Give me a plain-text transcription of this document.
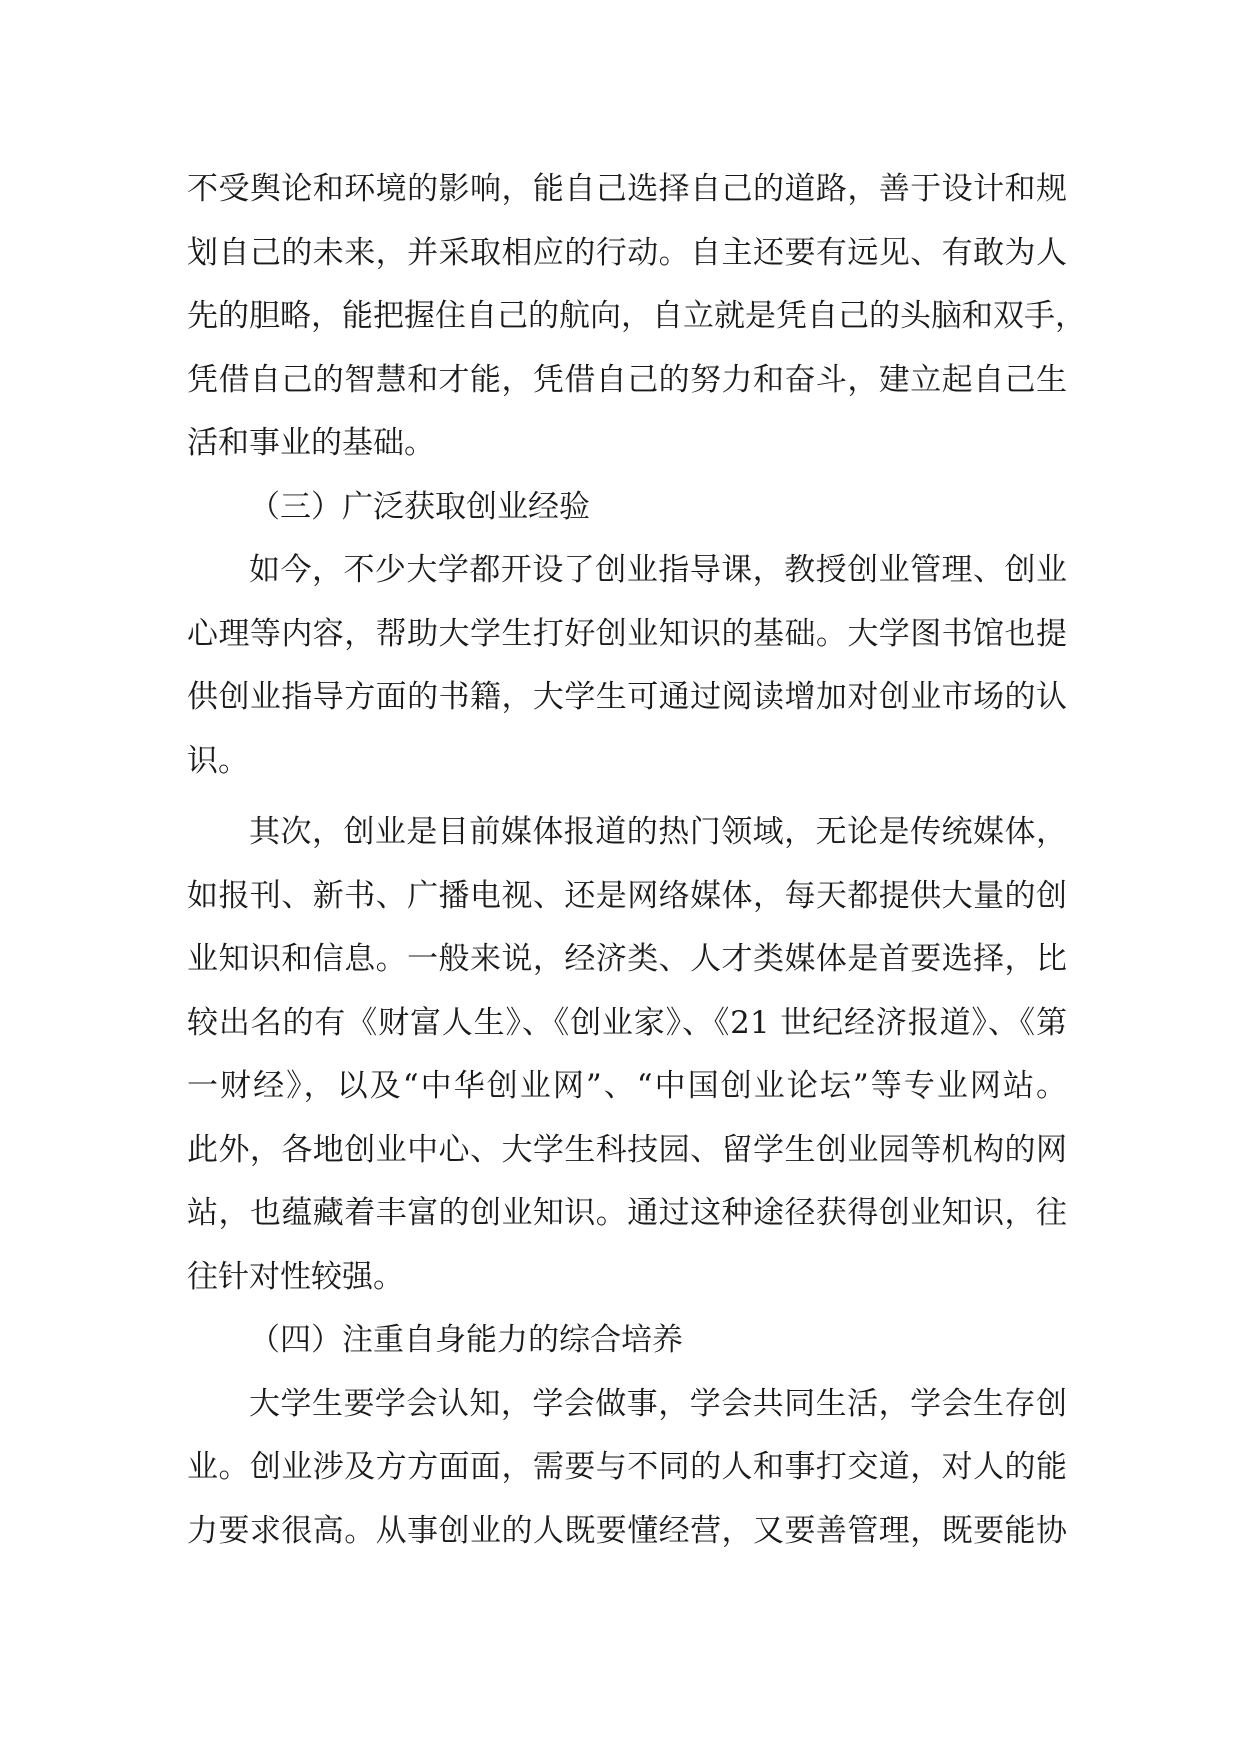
不受舆论和环境的影响，能自己选择自己的道路，善于设计和规
划自己的未来，并采取相应的行动。自主还要有远见、有敢为人
先的胆略，能把握住自己的航向，自立就是凭自己的头脑和双手，
凭借自己的智慧和才能，凭借自己的努力和奋斗，建立起自己生
活和事业的基础。
（三）广泛获取创业经验
如今，不少大学都开设了创业指导课，教授创业管理、创业
心理等内容，帮助大学生打好创业知识的基础。大学图书馆也提
供创业指导方面的书籍，大学生可通过阅读增加对创业市场的认
识。
其次，创业是目前媒体报道的热门领域，无论是传统媒体，
如报刊、新书、广播电视、还是网络媒体，每天都提供大量的创
业知识和信息。一般来说，经济类、人才类媒体是首要选择，比
较出名的有《财富人生》、《创业家》、《21 世纪经济报道》、《第
一财经》，以及“中华创业网”、“中国创业论坛”等专业网站。
此外，各地创业中心、大学生科技园、留学生创业园等机构的网
站，也蕴藏着丰富的创业知识。通过这种途径获得创业知识，往
往针对性较强。
（四）注重自身能力的综合培养
大学生要学会认知，学会做事，学会共同生活，学会生存创
业。创业涉及方方面面，需要与不同的人和事打交道，对人的能
力要求很高。从事创业的人既要懂经营，又要善管理，既要能协
